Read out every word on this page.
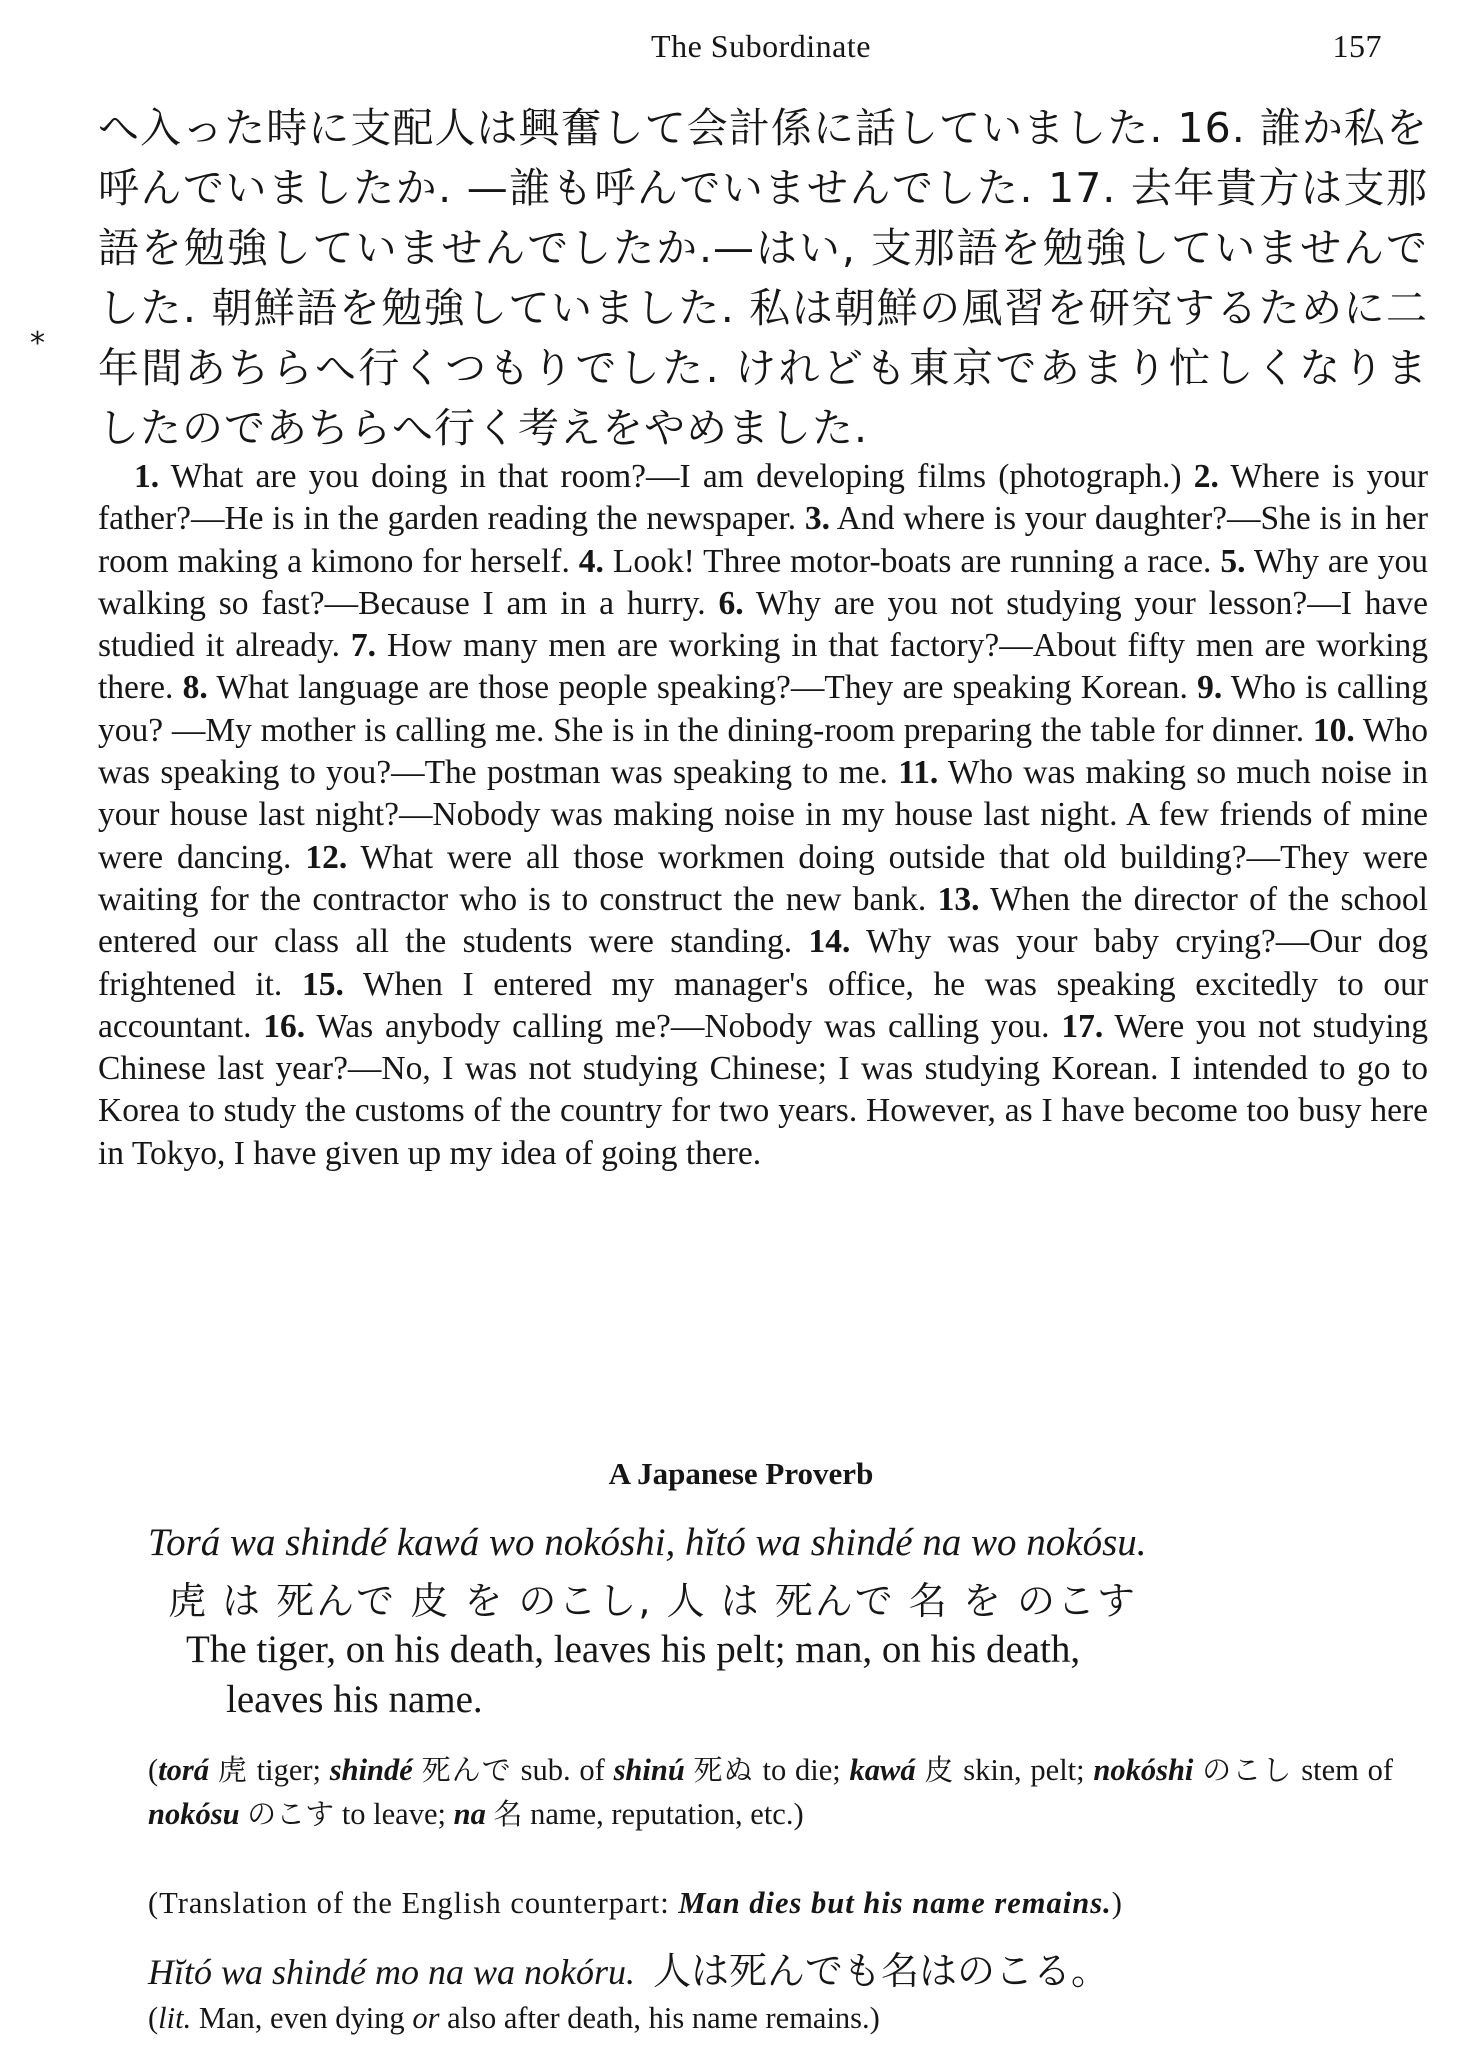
The Subordinate	157
*
へ入った時に支配人は興奮して会計係に話していました. 16. 誰か私を呼んでいましたか. —誰も呼んでいませんでした. 17. 去年貴方は支那語を勉強していませんでしたか.—はい, 支那語を勉強していませんでした. 朝鮮語を勉強していました. 私は朝鮮の風習を研究するために二年間あちらへ行くつもりでした. けれども東京であまり忙しくなりましたのであちらへ行く考えをやめました.
1. What are you doing in that room?—I am developing films (photograph.) 2. Where is your father?—He is in the garden reading the newspaper. 3. And where is your daughter?—She is in her room making a kimono for herself. 4. Look! Three motor-boats are running a race. 5. Why are you walking so fast?—Because I am in a hurry. 6. Why are you not studying your lesson?—I have studied it already. 7. How many men are working in that factory?—About fifty men are working there. 8. What language are those people speaking?—They are speaking Korean. 9. Who is calling you? —My mother is calling me. She is in the dining-room preparing the table for dinner. 10. Who was speaking to you?—The postman was speaking to me. 11. Who was making so much noise in your house last night?—Nobody was making noise in my house last night. A few friends of mine were dancing. 12. What were all those workmen doing outside that old building?—They were waiting for the contractor who is to construct the new bank. 13. When the director of the school entered our class all the students were standing. 14. Why was your baby crying?—Our dog frightened it. 15. When I entered my manager's office, he was speaking excitedly to our accountant. 16. Was anybody calling me?—Nobody was calling you. 17. Were you not studying Chinese last year?—No, I was not studying Chinese; I was studying Korean. I intended to go to Korea to study the customs of the country for two years. However, as I have become too busy here in Tokyo, I have given up my idea of going there.
A Japanese Proverb
Torá wa shindé kawá wo nokóshi, hĭtó wa shindé na wo nokósu.
虎 は 死んで 皮 を のこし, 人 は 死んで 名 を のこす
The tiger, on his death, leaves his pelt; man, on his death,
leaves his name.
(torá 虎 tiger; shindé 死んで sub. of shinú 死ぬ to die; kawá 皮 skin, pelt; nokóshi のこし stem of nokósu のこす to leave; na 名 name, reputation, etc.)
(Translation of the English counterpart: Man dies but his name remains.)
Hĭtó wa shindé mo na wa nokóru. 人は死んでも名はのこる。
(lit. Man, even dying or also after death, his name remains.)
